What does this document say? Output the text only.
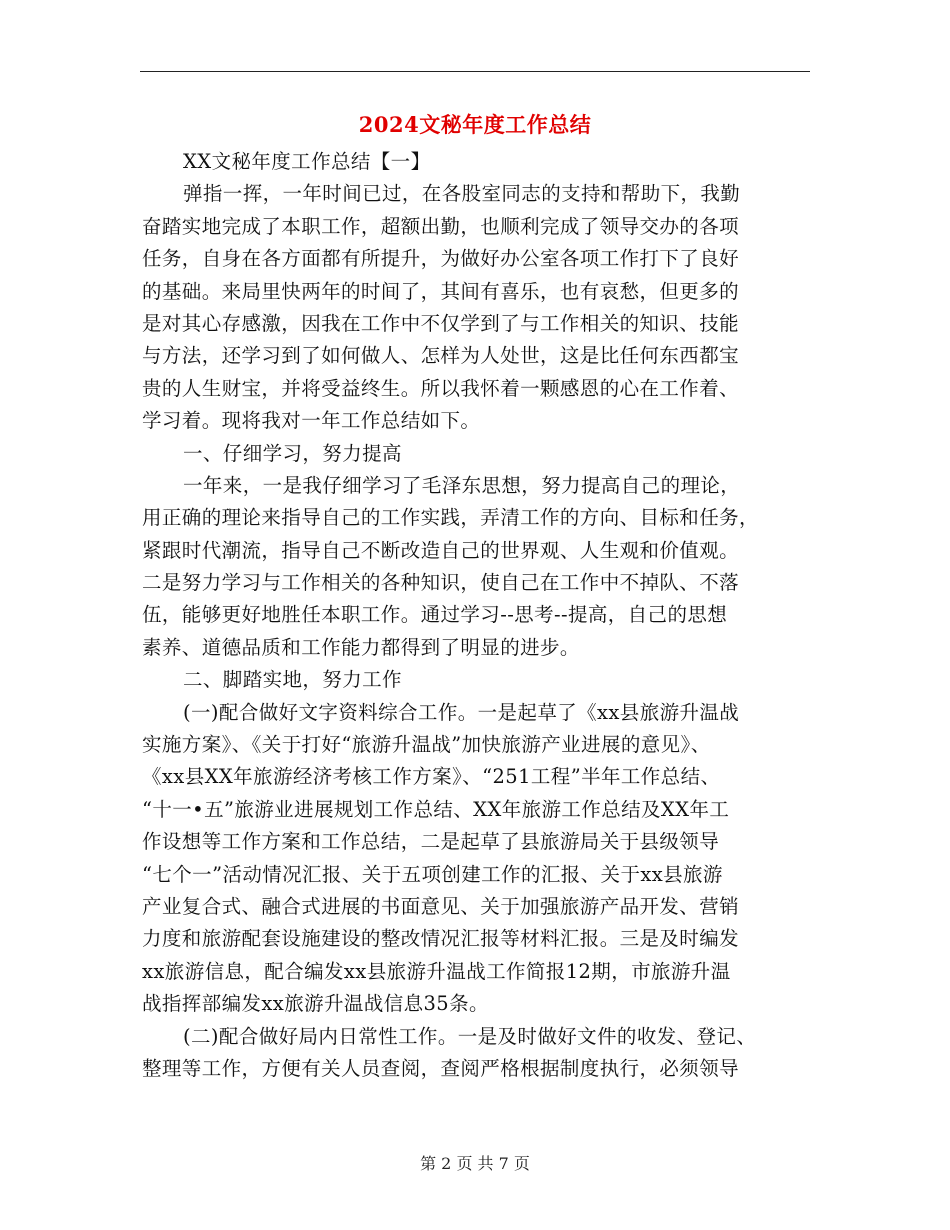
2024文秘年度工作总结
XX文秘年度工作总结【一】
弹指一挥，一年时间已过，在各股室同志的支持和帮助下，我勤
奋踏实地完成了本职工作，超额出勤，也顺利完成了领导交办的各项
任务，自身在各方面都有所提升，为做好办公室各项工作打下了良好
的基础。来局里快两年的时间了，其间有喜乐，也有哀愁，但更多的
是对其心存感激，因我在工作中不仅学到了与工作相关的知识、技能
与方法，还学习到了如何做人、怎样为人处世，这是比任何东西都宝
贵的人生财宝，并将受益终生。所以我怀着一颗感恩的心在工作着、
学习着。现将我对一年工作总结如下。
一、仔细学习，努力提高
一年来，一是我仔细学习了毛泽东思想，努力提高自己的理论，
用正确的理论来指导自己的工作实践，弄清工作的方向、目标和任务，
紧跟时代潮流，指导自己不断改造自己的世界观、人生观和价值观。
二是努力学习与工作相关的各种知识，使自己在工作中不掉队、不落
伍，能够更好地胜任本职工作。通过学习--思考--提高，自己的思想
素养、道德品质和工作能力都得到了明显的进步。
二、脚踏实地，努力工作
(一)配合做好文字资料综合工作。一是起草了《xx县旅游升温战
实施方案》、《关于打好“旅游升温战”加快旅游产业进展的意见》、
《xx县XX年旅游经济考核工作方案》、“251工程”半年工作总结、
“十一•五”旅游业进展规划工作总结、XX年旅游工作总结及XX年工
作设想等工作方案和工作总结，二是起草了县旅游局关于县级领导
“七个一”活动情况汇报、关于五项创建工作的汇报、关于xx县旅游
产业复合式、融合式进展的书面意见、关于加强旅游产品开发、营销
力度和旅游配套设施建设的整改情况汇报等材料汇报。三是及时编发
xx旅游信息，配合编发xx县旅游升温战工作简报12期，市旅游升温
战指挥部编发xx旅游升温战信息35条。
(二)配合做好局内日常性工作。一是及时做好文件的收发、登记、
整理等工作，方便有关人员查阅，查阅严格根据制度执行，必须领导
第 2 页 共 7 页
